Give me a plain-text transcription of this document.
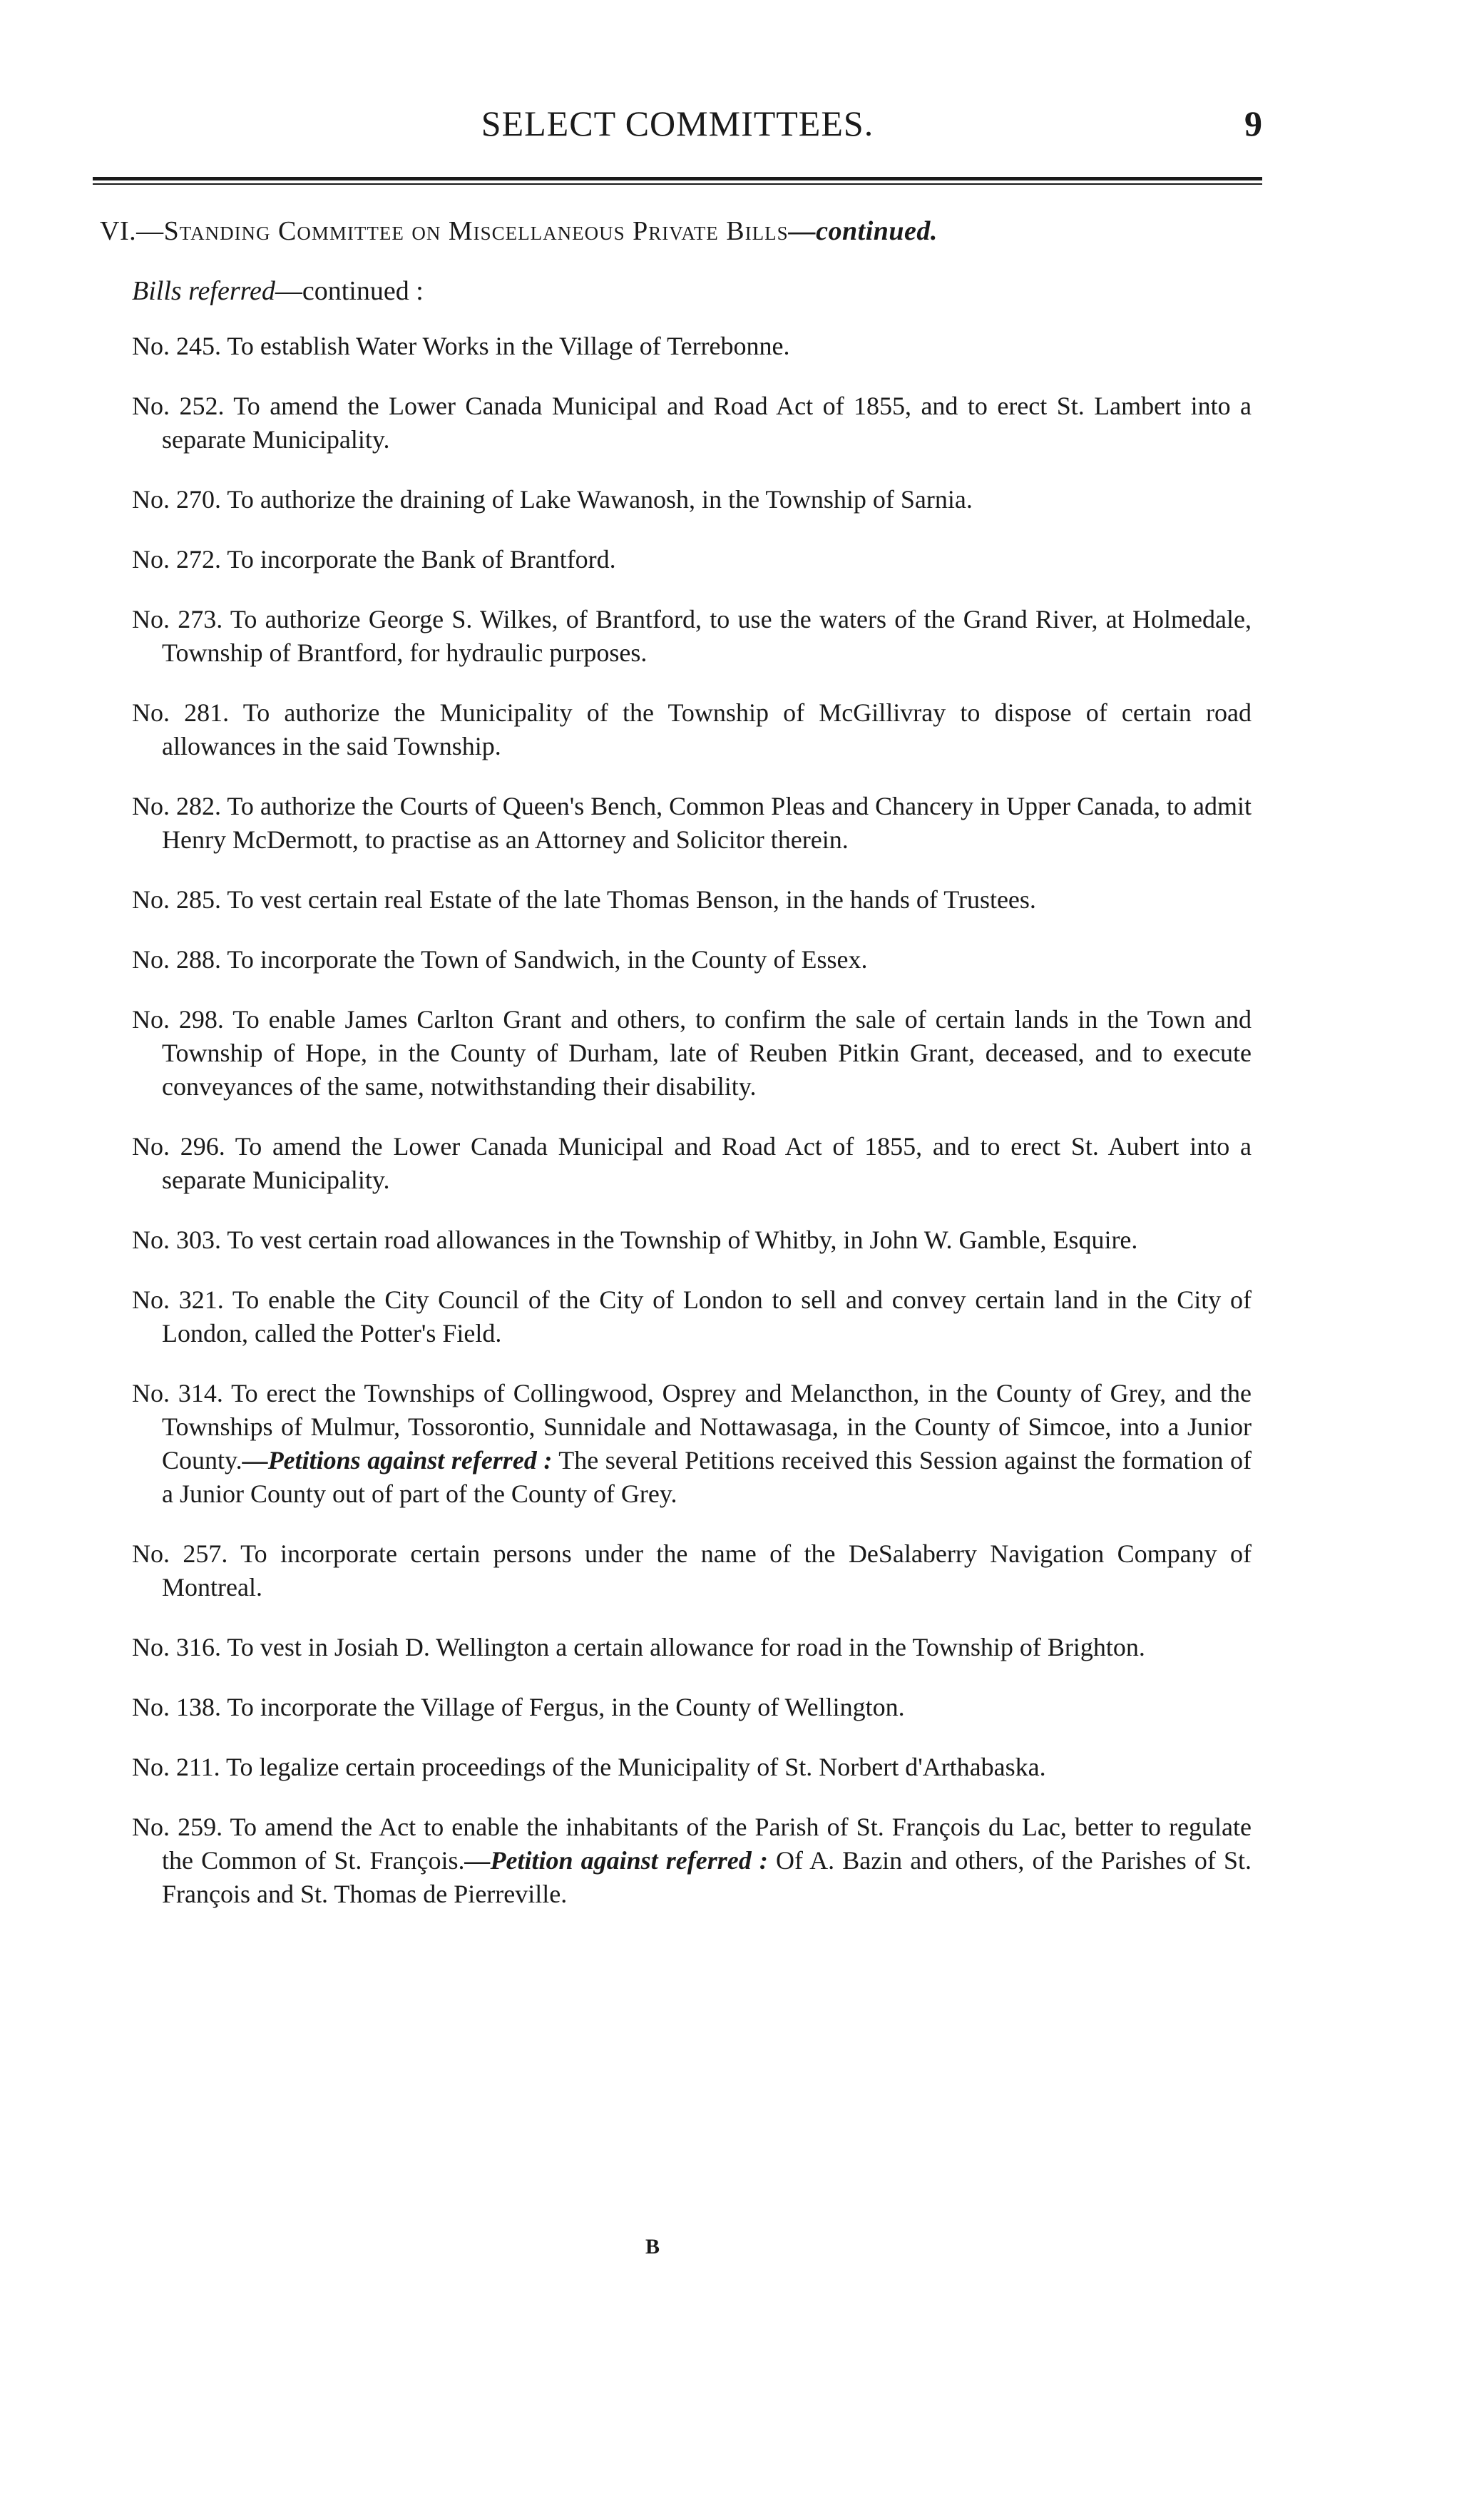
SELECT COMMITTEES.	9
VI.—Standing Committee on Miscellaneous Private Bills—continued.
Bills referred—continued :
No. 245. To establish Water Works in the Village of Terrebonne.
No. 252. To amend the Lower Canada Municipal and Road Act of 1855, and to erect St. Lambert into a separate Municipality.
No. 270. To authorize the draining of Lake Wawanosh, in the Township of Sarnia.
No. 272. To incorporate the Bank of Brantford.
No. 273. To authorize George S. Wilkes, of Brantford, to use the waters of the Grand River, at Holmedale, Township of Brantford, for hydraulic purposes.
No. 281. To authorize the Municipality of the Township of McGillivray to dispose of certain road allowances in the said Township.
No. 282. To authorize the Courts of Queen's Bench, Common Pleas and Chancery in Upper Canada, to admit Henry McDermott, to practise as an Attorney and Solicitor therein.
No. 285. To vest certain real Estate of the late Thomas Benson, in the hands of Trustees.
No. 288. To incorporate the Town of Sandwich, in the County of Essex.
No. 298. To enable James Carlton Grant and others, to confirm the sale of certain lands in the Town and Township of Hope, in the County of Durham, late of Reuben Pitkin Grant, deceased, and to execute conveyances of the same, notwithstanding their disability.
No. 296. To amend the Lower Canada Municipal and Road Act of 1855, and to erect St. Aubert into a separate Municipality.
No. 303. To vest certain road allowances in the Township of Whitby, in John W. Gamble, Esquire.
No. 321. To enable the City Council of the City of London to sell and convey certain land in the City of London, called the Potter's Field.
No. 314. To erect the Townships of Collingwood, Osprey and Melancthon, in the County of Grey, and the Townships of Mulmur, Tossorontio, Sunnidale and Nottawasaga, in the County of Simcoe, into a Junior County.—Petitions against referred : The several Petitions received this Session against the formation of a Junior County out of part of the County of Grey.
No. 257. To incorporate certain persons under the name of the DeSalaberry Navigation Company of Montreal.
No. 316. To vest in Josiah D. Wellington a certain allowance for road in the Township of Brighton.
No. 138. To incorporate the Village of Fergus, in the County of Wellington.
No. 211. To legalize certain proceedings of the Municipality of St. Norbert d'Arthabaska.
No. 259. To amend the Act to enable the inhabitants of the Parish of St. François du Lac, better to regulate the Common of St. François.—Petition against referred : Of A. Bazin and others, of the Parishes of St. François and St. Thomas de Pierreville.
B
